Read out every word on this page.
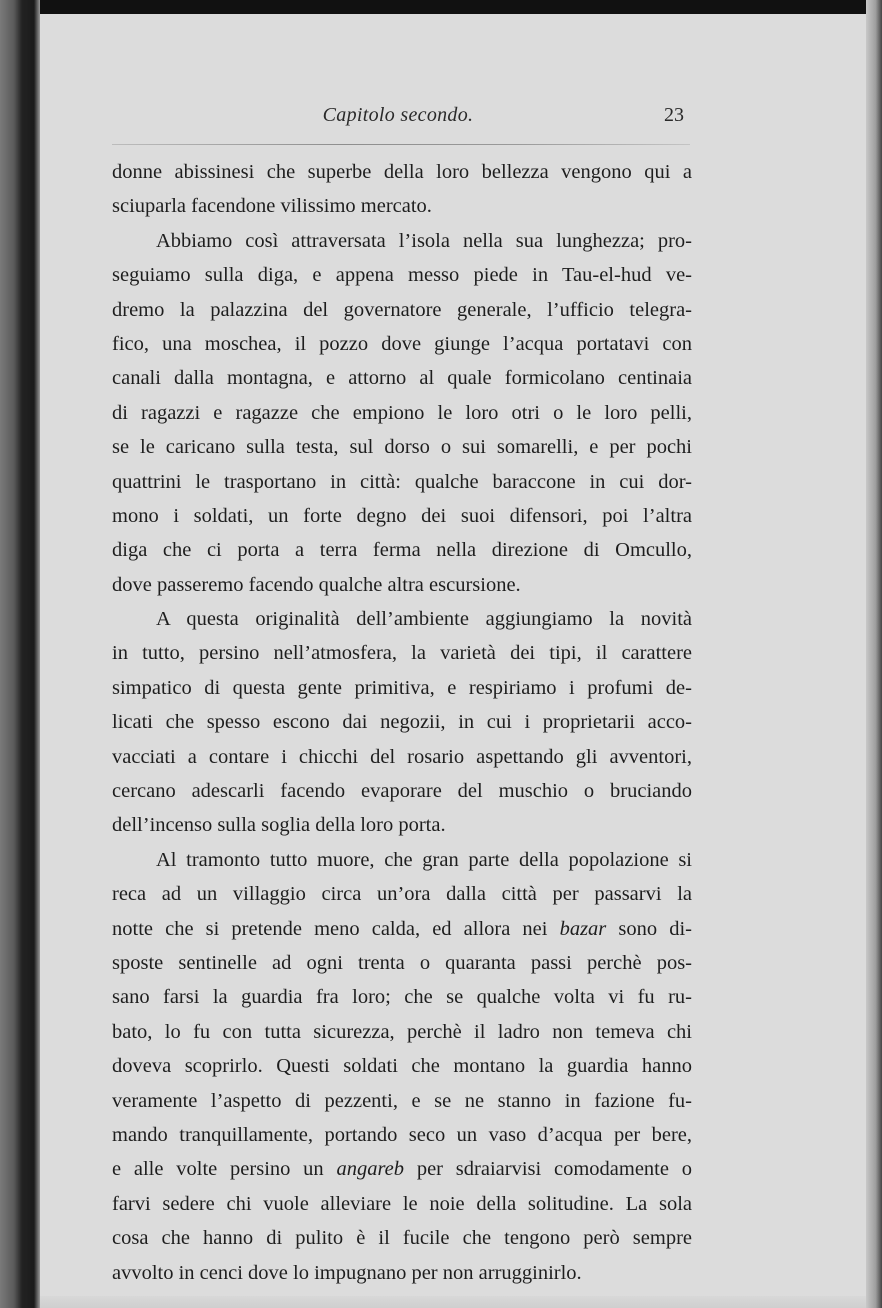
Capitolo secondo.	23
donne abissinesi che superbe della loro bellezza vengono qui a
sciuparla facendone vilissimo mercato.
Abbiamo così attraversata l’isola nella sua lunghezza; pro-
seguiamo sulla diga, e appena messo piede in Tau-el-hud ve-
dremo la palazzina del governatore generale, l’ufficio telegra-
fico, una moschea, il pozzo dove giunge l’acqua portatavi con
canali dalla montagna, e attorno al quale formicolano centinaia
di ragazzi e ragazze che empiono le loro otri o le loro pelli,
se le caricano sulla testa, sul dorso o sui somarelli, e per pochi
quattrini le trasportano in città: qualche baraccone in cui dor-
mono i soldati, un forte degno dei suoi difensori, poi l’altra
diga che ci porta a terra ferma nella direzione di Omcullo,
dove passeremo facendo qualche altra escursione.
A questa originalità dell’ambiente aggiungiamo la novità
in tutto, persino nell’atmosfera, la varietà dei tipi, il carattere
simpatico di questa gente primitiva, e respiriamo i profumi de-
licati che spesso escono dai negozii, in cui i proprietarii acco-
vacciati a contare i chicchi del rosario aspettando gli avventori,
cercano adescarli facendo evaporare del muschio o bruciando
dell’incenso sulla soglia della loro porta.
Al tramonto tutto muore, che gran parte della popolazione si
reca ad un villaggio circa un’ora dalla città per passarvi la
notte che si pretende meno calda, ed allora nei bazar sono di-
sposte sentinelle ad ogni trenta o quaranta passi perchè pos-
sano farsi la guardia fra loro; che se qualche volta vi fu ru-
bato, lo fu con tutta sicurezza, perchè il ladro non temeva chi
doveva scoprirlo. Questi soldati che montano la guardia hanno
veramente l’aspetto di pezzenti, e se ne stanno in fazione fu-
mando tranquillamente, portando seco un vaso d’acqua per bere,
e alle volte persino un angareb per sdraiarvisi comodamente o
farvi sedere chi vuole alleviare le noie della solitudine. La sola
cosa che hanno di pulito è il fucile che tengono però sempre
avvolto in cenci dove lo impugnano per non arrugginirlo.
